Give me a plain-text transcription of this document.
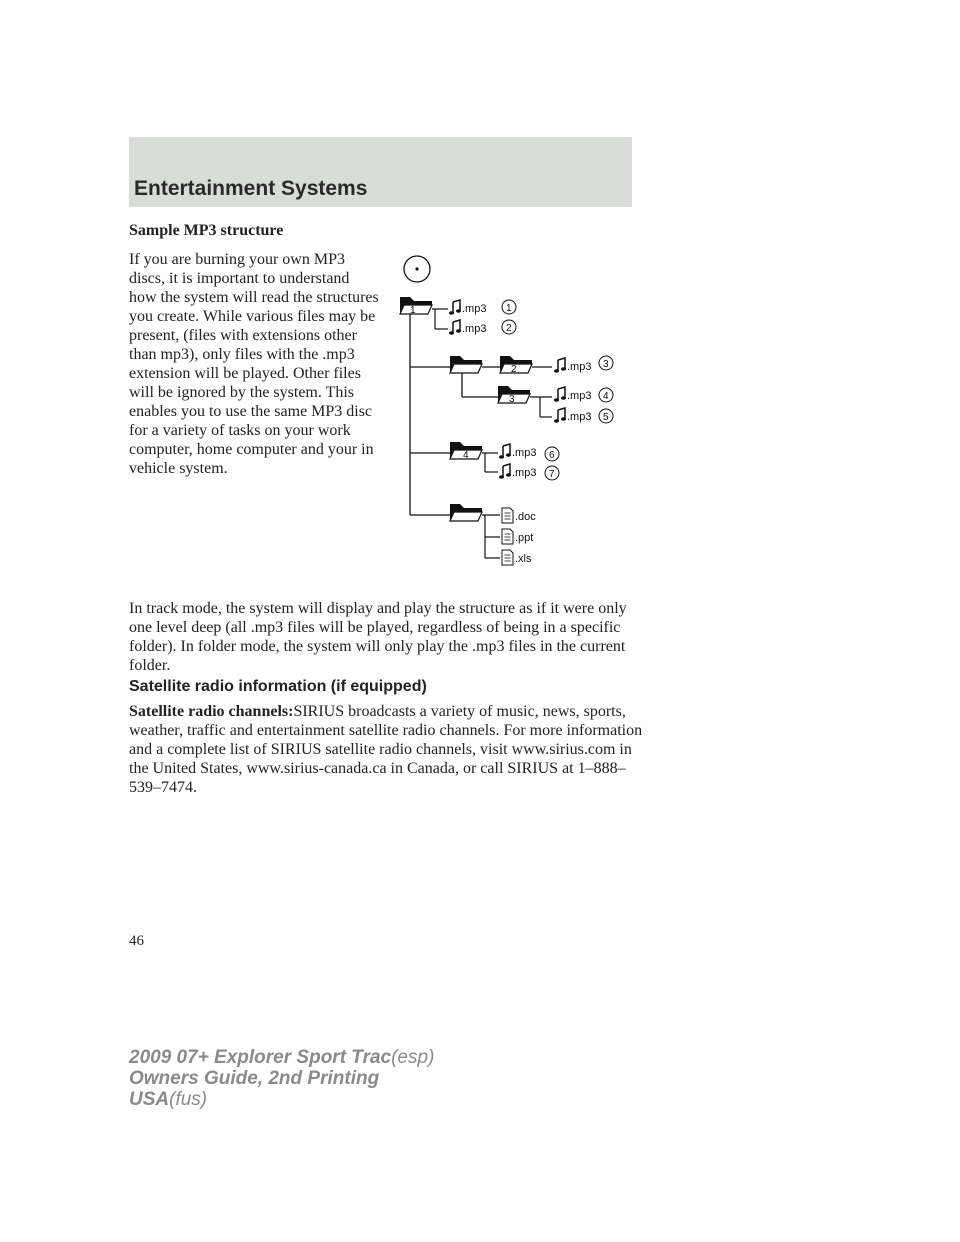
Entertainment Systems
Sample MP3 structure

If you are burning your own MP3 discs, it is important to understand how the system will read the structures you create. While various files may be present, (files with extensions other than mp3), only files with the .mp3 extension will be played. Other files will be ignored by the system. This enables you to use the same MP3 disc for a variety of tasks on your work computer, home computer and your in vehicle system.

1	.mp3 1
.mp3 2
2	.mp3 3
3	.mp3 4
.mp3 5
4	.mp3 6
.mp3 7
.doc
.ppt
.xls

In track mode, the system will display and play the structure as if it were only one level deep (all .mp3 files will be played, regardless of being in a specific folder). In folder mode, the system will only play the .mp3 files in the current folder.

Satellite radio information (if equipped)

Satellite radio channels:SIRIUS broadcasts a variety of music, news, sports, weather, traffic and entertainment satellite radio channels. For more information and a complete list of SIRIUS satellite radio channels, visit www.sirius.com in the United States, www.sirius-canada.ca in Canada, or call SIRIUS at 1–888–539–7474.

46
2009 07+ Explorer Sport Trac(esp)
Owners Guide, 2nd Printing
USA(fus)
